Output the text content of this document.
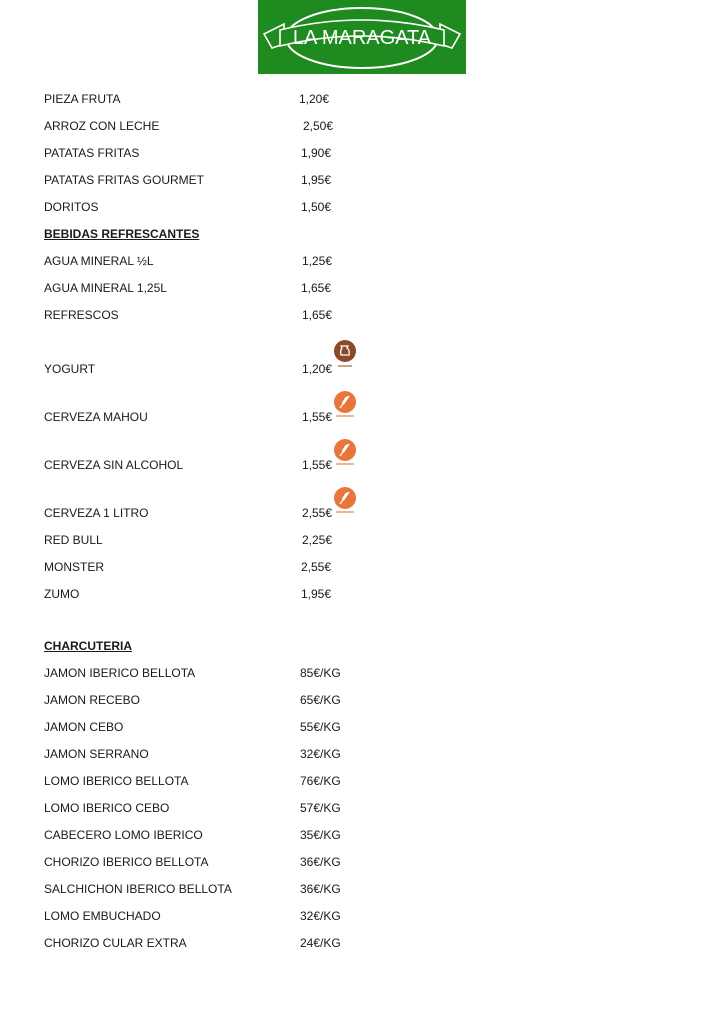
LA MARAGATA
PIEZA FRUTA	1,20€
ARROZ CON LECHE	2,50€
PATATAS FRITAS	1,90€
PATATAS FRITAS GOURMET	1,95€
DORITOS	1,50€
BEBIDAS REFRESCANTES
AGUA MINERAL ½L	1,25€
AGUA MINERAL 1,25L	1,65€
REFRESCOS	1,65€
YOGURT	1,20€
CERVEZA MAHOU	1,55€
CERVEZA SIN ALCOHOL	1,55€
CERVEZA 1 LITRO	2,55€
RED BULL	2,25€
MONSTER	2,55€
ZUMO	1,95€
CHARCUTERIA
JAMON IBERICO BELLOTA	85€/KG
JAMON RECEBO	65€/KG
JAMON CEBO	55€/KG
JAMON SERRANO	32€/KG
LOMO IBERICO BELLOTA	76€/KG
LOMO IBERICO CEBO	57€/KG
CABECERO LOMO IBERICO	35€/KG
CHORIZO IBERICO BELLOTA	36€/KG
SALCHICHON IBERICO BELLOTA	36€/KG
LOMO EMBUCHADO	32€/KG
CHORIZO CULAR EXTRA	24€/KG
